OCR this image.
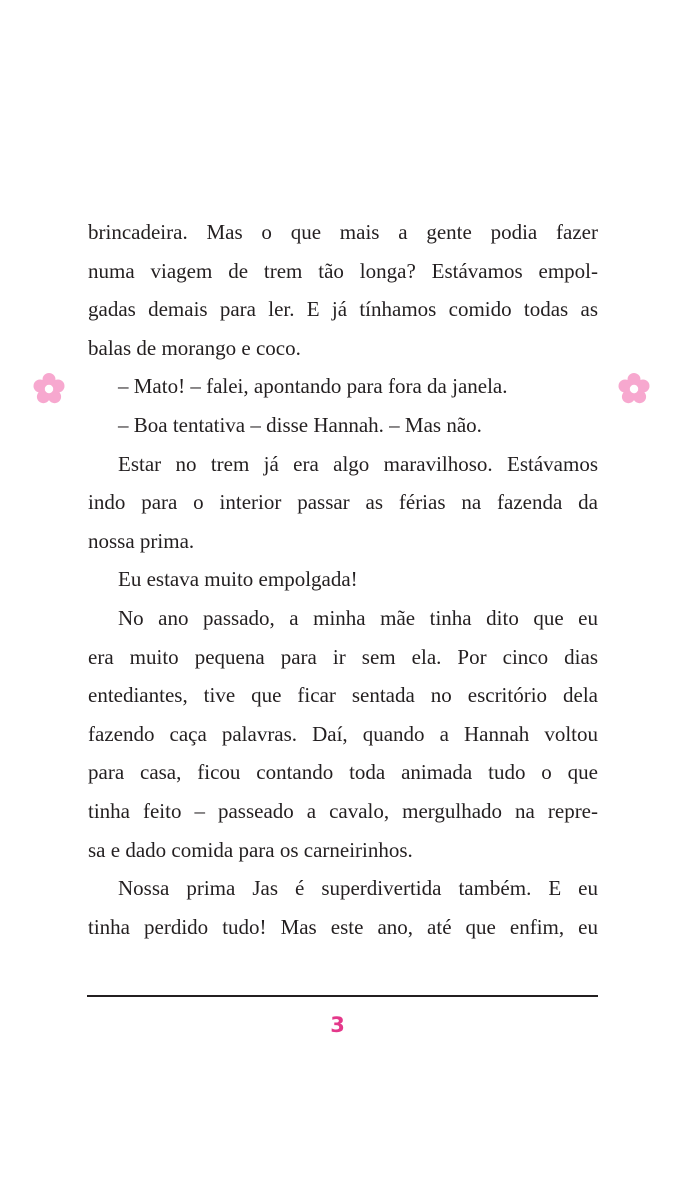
brincadeira. Mas o que mais a gente podia fazer
numa viagem de trem tão longa? Estávamos empol-
gadas demais para ler. E já tínhamos comido todas as
balas de morango e coco.
– Mato! – falei, apontando para fora da janela.
– Boa tentativa – disse Hannah. – Mas não.
Estar no trem já era algo maravilhoso. Estávamos
indo para o interior passar as férias na fazenda da
nossa prima.
Eu estava muito empolgada!
No ano passado, a minha mãe tinha dito que eu
era muito pequena para ir sem ela. Por cinco dias
entediantes, tive que ficar sentada no escritório dela
fazendo caça palavras. Daí, quando a Hannah voltou
para casa, ficou contando toda animada tudo o que
tinha feito – passeado a cavalo, mergulhado na repre-
sa e dado comida para os carneirinhos.
Nossa prima Jas é superdivertida também. E eu
tinha perdido tudo! Mas este ano, até que enfim, eu
3
